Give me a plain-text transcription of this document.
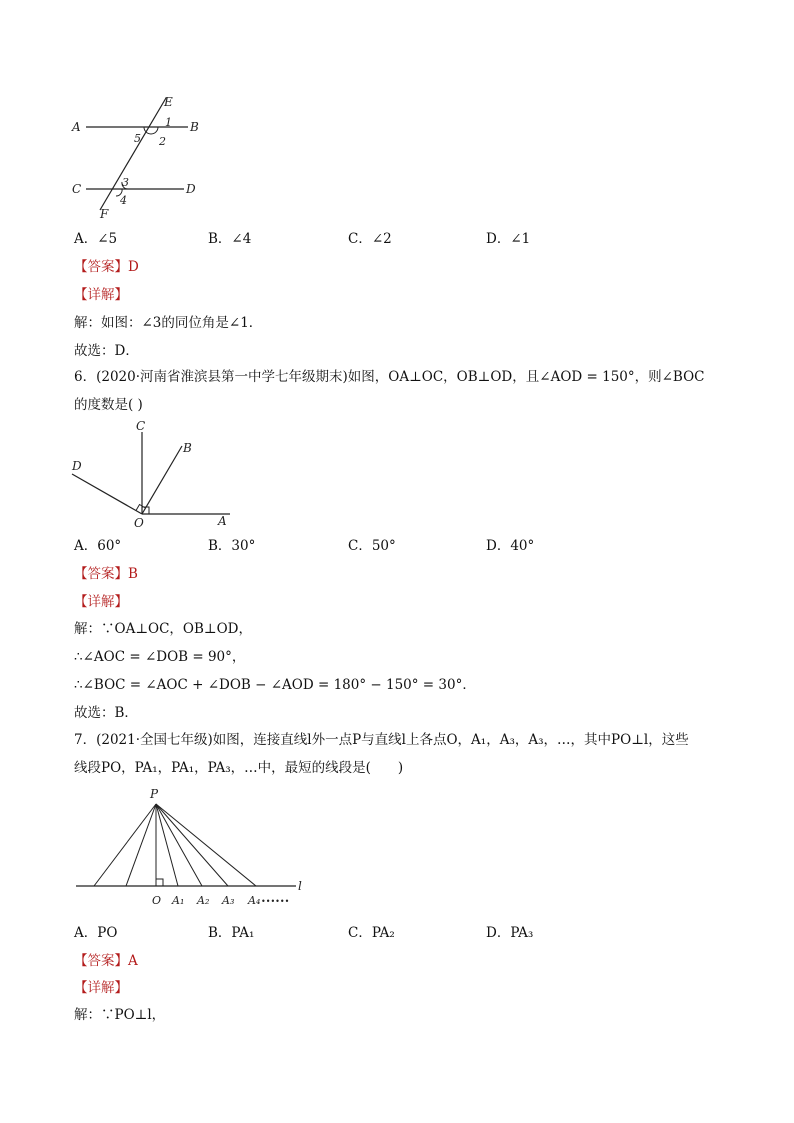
A	B
C	D
E
F
1
2
5
3
4
A．∠5	B．∠4	C．∠2	D．∠1
【答案】D
【详解】
解：如图：∠3的同位角是∠1．
故选：D．
6．(2020·河南省淮滨县第一中学七年级期末)如图，OA⊥OC，OB⊥OD，且∠AOD = 150°，则∠BOC
的度数是( )
C
B
D
O	A
A．60°	B．30°	C．50°	D．40°
【答案】B
【详解】
解：∵OA⊥OC，OB⊥OD，
∴∠AOC = ∠DOB = 90°，
∴∠BOC = ∠AOC + ∠DOB − ∠AOD = 180° − 150° = 30°．
故选：B．
7．(2021·全国七年级)如图，连接直线l外一点P与直线l上各点O，A₁，A₃，A₃，…，其中PO⊥l，这些
线段PO，PA₁，PA₁，PA₃，…中，最短的线段是(　　)
P
l
O A₁ A₂ A₃ A₄ ••••••
A．PO	B．PA₁	C．PA₂	D．PA₃
【答案】A
【详解】
解：∵PO⊥l，
